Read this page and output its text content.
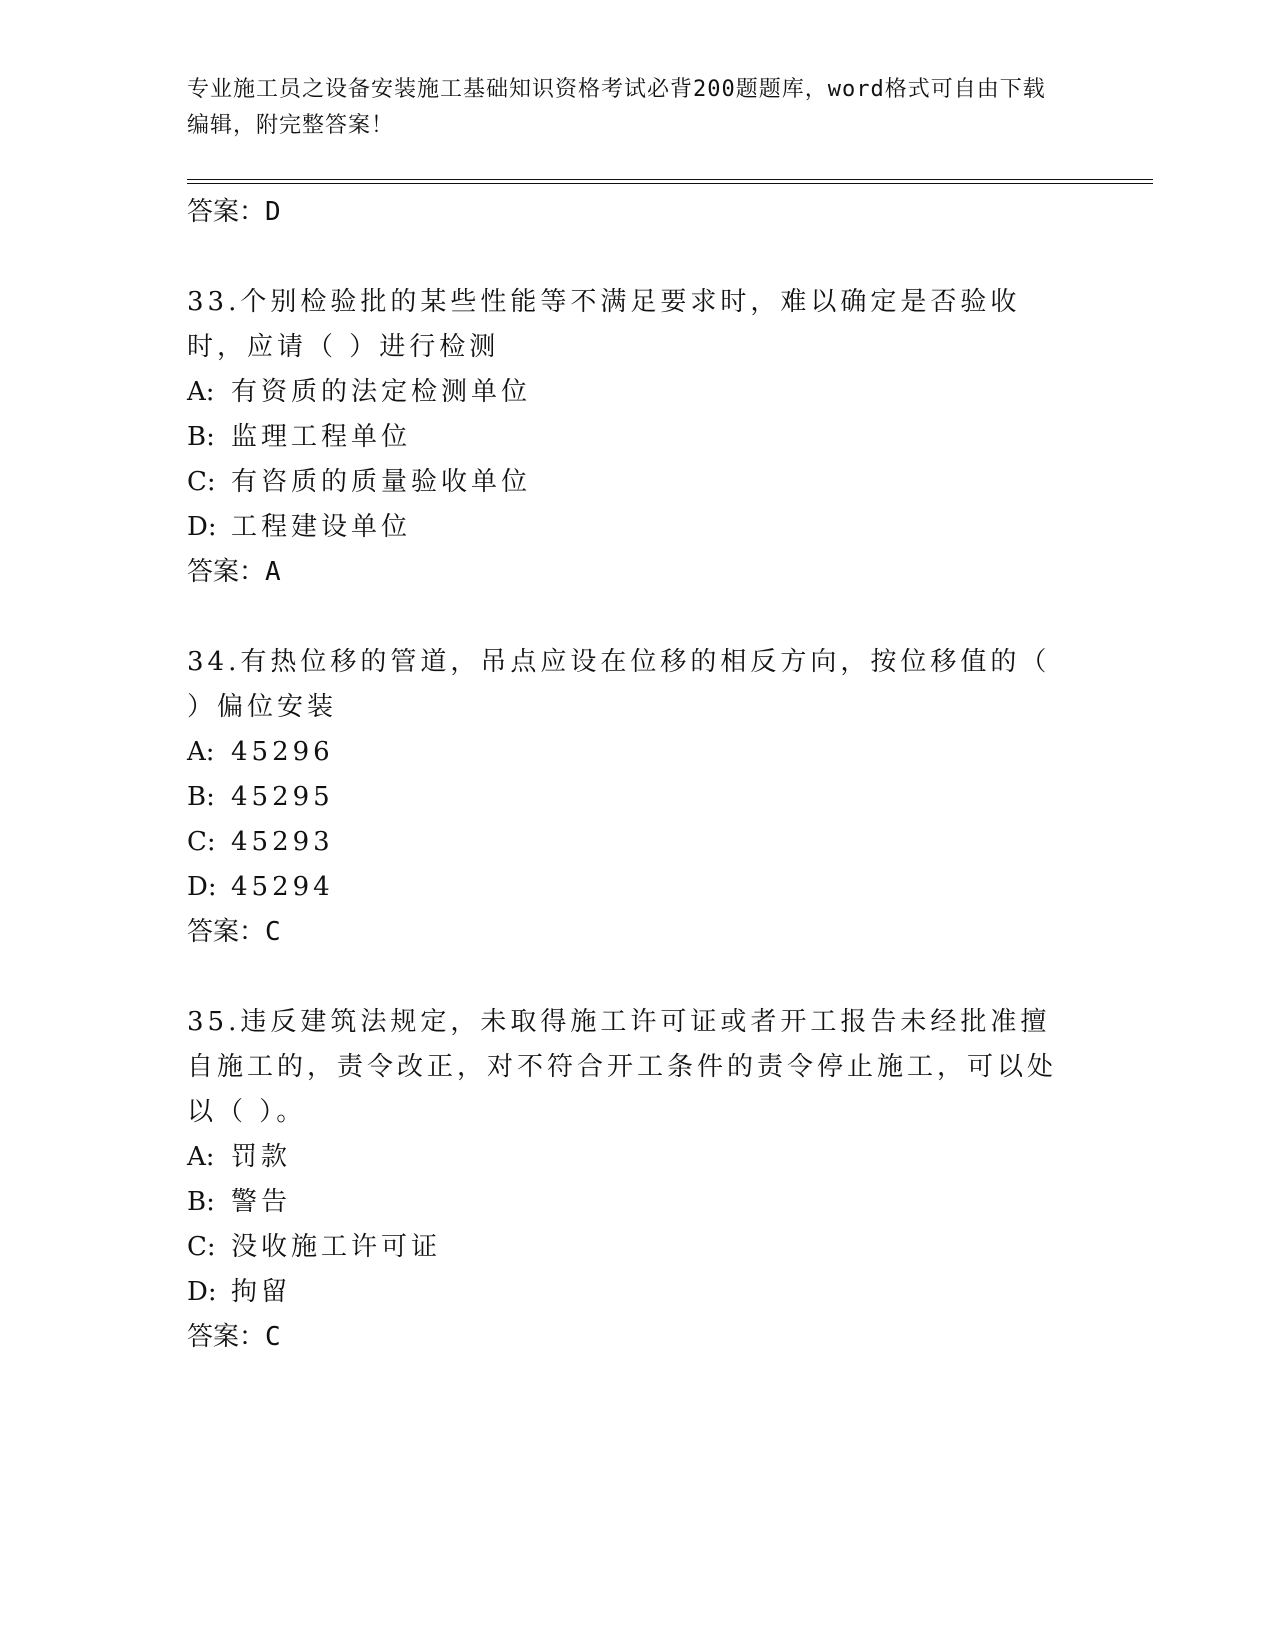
专业施工员之设备安装施工基础知识资格考试必背200题题库，word格式可自由下载编辑，附完整答案！
答案：D
33.个别检验批的某些性能等不满足要求时，难以确定是否验收时，应请（ ）进行检测
A: 有资质的法定检测单位
B: 监理工程单位
C: 有咨质的质量验收单位
D: 工程建设单位
答案：A
34.有热位移的管道，吊点应设在位移的相反方向，按位移值的（ ）偏位安装
A: 45296
B: 45295
C: 45293
D: 45294
答案：C
35.违反建筑法规定，未取得施工许可证或者开工报告未经批准擅自施工的，责令改正，对不符合开工条件的责令停止施工，可以处以（ ）。
A: 罚款
B: 警告
C: 没收施工许可证
D: 拘留
答案：C
